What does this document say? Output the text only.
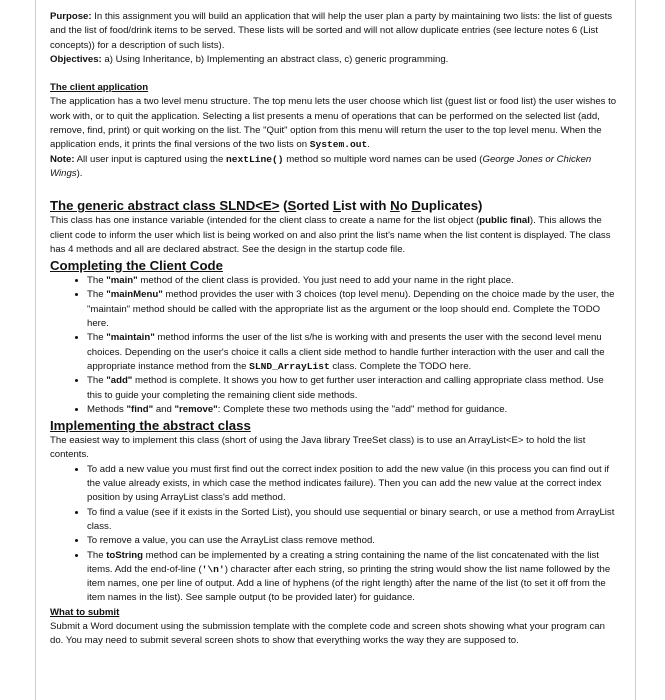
Purpose: In this assignment you will build an application that will help the user plan a party by maintaining two lists: the list of guests and the list of food/drink items to be served. These lists will be sorted and will not allow duplicate entries (see lecture notes 6 (List concepts)) for a description of such lists).

Objectives: a) Using Inheritance, b) Implementing an abstract class, c) generic programming.

The client application

The application has a two level menu structure. The top menu lets the user choose which list (guest list or food list) the user wishes to work with, or to quit the application. Selecting a list presents a menu of operations that can be performed on the selected list (add, remove, find, print) or quit working on the list. The "Quit" option from this menu will return the user to the top level menu. When the application ends, it prints the final versions of the two lists on System.out.

Note: All user input is captured using the nextLine() method so multiple word names can be used (George Jones or Chicken Wings).

The generic abstract class SLND<E> (Sorted List with No Duplicates)

This class has one instance variable (intended for the client class to create a name for the list object (public final). This allows the client code to inform the user which list is being worked on and also print the list's name when the list content is displayed. The class has 4 methods and all are declared abstract. See the design in the startup code file.

Completing the Client Code

• The "main" method of the client class is provided. You just need to add your name in the right place.
• The "mainMenu" method provides the user with 3 choices (top level menu). Depending on the choice made by the user, the "maintain" method should be called with the appropriate list as the argument or the loop should end. Complete the TODO here.
• The "maintain" method informs the user of the list s/he is working with and presents the user with the second level menu choices. Depending on the user's choice it calls a client side method to handle further interaction with the user and call the appropriate instance method from the SLND_ArrayList class. Complete the TODO here.
• The "add" method is complete. It shows you how to get further user interaction and calling appropriate class method. Use this to guide your completing the remaining client side methods.
• Methods "find" and "remove": Complete these two methods using the "add" method for guidance.

Implementing the abstract class

The easiest way to implement this class (short of using the Java library TreeSet class) is to use an ArrayList<E> to hold the list contents.

• To add a new value you must first find out the correct index position to add the new value (in this process you can find out if the value already exists, in which case the method indicates failure). Then you can add the new value at the correct index position by using ArrayList class's add method.
• To find a value (see if it exists in the Sorted List), you should use sequential or binary search, or use a method from ArrayList class.
• To remove a value, you can use the ArrayList class remove method.
• The toString method can be implemented by a creating a string containing the name of the list concatenated with the list items. Add the end-of-line ('\n') character after each string, so printing the string would show the list name followed by the item names, one per line of output. Add a line of hyphens (of the right length) after the name of the list (to set it off from the item names in the list). See sample output (to be provided later) for guidance.

What to submit

Submit a Word document using the submission template with the complete code and screen shots showing what your program can do. You may need to submit several screen shots to show that everything works the way they are supposed to.
